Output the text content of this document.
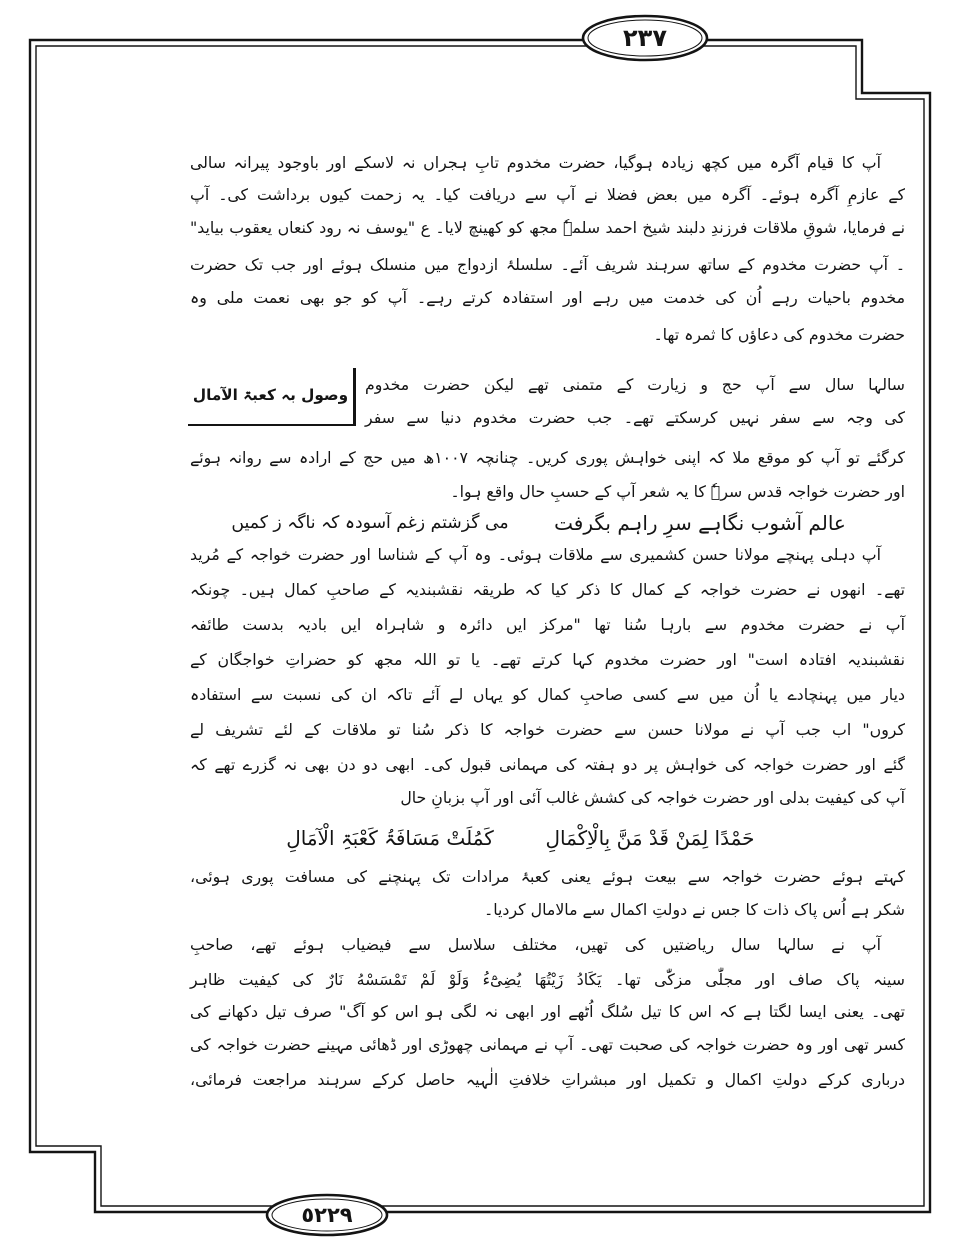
٢٣٧
آپ کا قیام آگرہ میں کچھ زیادہ ہوگیا، حضرت مخدوم تابِ ہجراں نہ لاسکے اور باوجود پیرانہ سالی
کے عازمِ آگرہ ہوئے۔ آگرہ میں بعض فضلا نے آپ سے دریافت کیا۔ یہ زحمت کیوں برداشت کی۔ آپ
نے فرمایا، شوقِ ملاقات فرزندِ دلبند شیخ احمد سلمہٗ مجھ کو کھینچ لایا۔ ع "یوسف نہ رود کنعاں یعقوب بیاید"
۔ آپ حضرت مخدوم کے ساتھ سرہند شریف آئے۔ سلسلۂ ازدواج میں منسلک ہوئے اور جب تک حضرت
مخدوم باحیات رہے اُن کی خدمت میں رہے اور استفادہ کرتے رہے۔ آپ کو جو بھی نعمت ملی وہ
حضرت مخدوم کی دعاؤں کا ثمرہ تھا۔
وصول بہ کعبۃ الآمال
سالہا سال سے آپ حج و زیارت کے متمنی تھے لیکن حضرت مخدوم
کی وجہ سے سفر نہیں کرسکتے تھے۔ جب حضرت مخدوم دنیا سے سفر
کرگئے تو آپ کو موقع ملا کہ اپنی خواہش پوری کریں۔ چنانچہ ١٠٠٧ھ میں حج کے ارادہ سے روانہ ہوئے
اور حضرت خواجہ قدس سرہٗ کا یہ شعر آپ کے حسبِ حال واقع ہوا۔
عالم آشوب نگاہے سرِ راہم بگرفت
می گزشتم زغم آسودہ کہ ناگہ ز کمیں
آپ دہلی پہنچے مولانا حسن کشمیری سے ملاقات ہوئی۔ وہ آپ کے شناسا اور حضرت خواجہ کے مُرید
تھے۔ انھوں نے حضرت خواجہ کے کمال کا ذکر کیا کہ طریقہ نقشبندیہ کے صاحبِ کمال ہیں۔ چونکہ
آپ نے حضرت مخدوم سے بارہا سُنا تھا "مرکز ایں دائرہ و شاہراہ ایں بادیہ بدست طائفہ
نقشبندیہ افتادہ است" اور حضرت مخدوم کہا کرتے تھے۔ یا تو اللہ مجھ کو حضراتِ خواجگان کے
دیار میں پہنچادے یا اُن میں سے کسی صاحبِ کمال کو یہاں لے آئے تاکہ ان کی نسبت سے استفادہ
کروں" اب جب آپ نے مولانا حسن سے حضرت خواجہ کا ذکر سُنا تو ملاقات کے لئے تشریف لے
گئے اور حضرت خواجہ کی خواہش پر دو ہفتہ کی مہمانی قبول کی۔ ابھی دو دن بھی نہ گزرے تھے کہ
آپ کی کیفیت بدلی اور حضرت خواجہ کی کشش غالب آئی اور آپ بزبانِ حال
حَمْدًا لِمَنْ قَدْ مَنَّ بِالْاِکْمَالِ
کَمُلَتْ مَسَافَۃُ کَعْبَۃِ الْآمَالِ
کہتے ہوئے حضرت خواجہ سے بیعت ہوئے یعنی کعبۂ مرادات تک پہنچنے کی مسافت پوری ہوئی،
شکر ہے اُس پاک ذات کا جس نے دولتِ اکمال سے مالامال کردیا۔
آپ نے سالہا سال ریاضتیں کی تھیں، مختلف سلاسل سے فیضیاب ہوئے تھے، صاحبِ
سینہ پاک صاف اور مجلّٰی مزکّٰی تھا۔ یَکَادُ زَیْتُهَا یُضِیْٓءُ وَلَوْ لَمْ تَمْسَسْهُ نَارٌ کی کیفیت ظاہر
تھی۔ یعنی ایسا لگتا ہے کہ اس کا تیل سُلگ اُٹھے اور ابھی نہ لگی ہو اس کو آگ" صرف تیل دکھانے کی
کسر تھی اور وہ حضرت خواجہ کی صحبت تھی۔ آپ نے مہمانی چھوڑی اور ڈھائی مہینے حضرت خواجہ کی
درباری کرکے دولتِ اکمال و تکمیل اور مبشراتِ خلافتِ الٰہیہ حاصل کرکے سرہند مراجعت فرمائی،
٥٢٢٩
